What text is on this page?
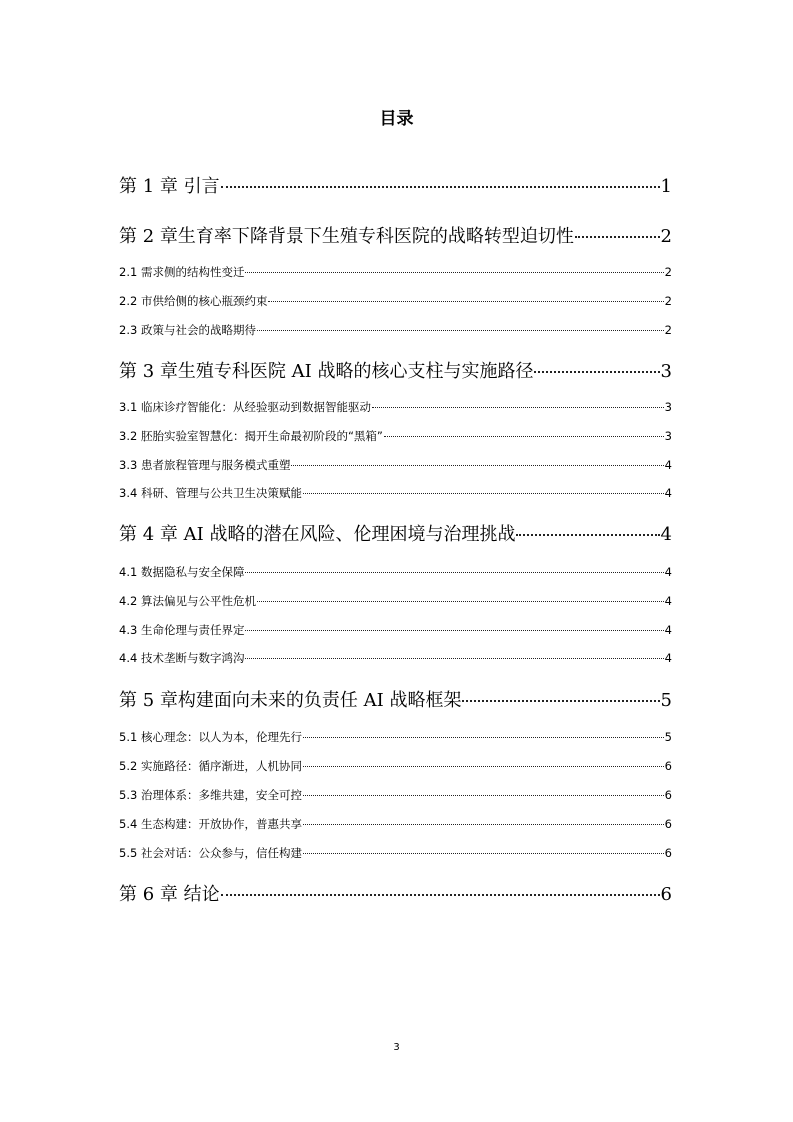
目录
第 1 章 引言	1
第 2 章生育率下降背景下生殖专科医院的战略转型迫切性	2
2.1 需求侧的结构性变迁	2
2.2 市供给侧的核心瓶颈约束	2
2.3 政策与社会的战略期待	2
第 3 章生殖专科医院 AI 战略的核心支柱与实施路径	3
3.1 临床诊疗智能化：从经验驱动到数据智能驱动	3
3.2 胚胎实验室智慧化：揭开生命最初阶段的“黑箱”	3
3.3 患者旅程管理与服务模式重塑	4
3.4 科研、管理与公共卫生决策赋能	4
第 4 章 AI 战略的潜在风险、伦理困境与治理挑战	4
4.1 数据隐私与安全保障	4
4.2 算法偏见与公平性危机	4
4.3 生命伦理与责任界定	4
4.4 技术垄断与数字鸿沟	4
第 5 章构建面向未来的负责任 AI 战略框架	5
5.1 核心理念：以人为本，伦理先行	5
5.2 实施路径：循序渐进，人机协同	6
5.3 治理体系：多维共建，安全可控	6
5.4 生态构建：开放协作，普惠共享	6
5.5 社会对话：公众参与，信任构建	6
第 6 章 结论	6
3
